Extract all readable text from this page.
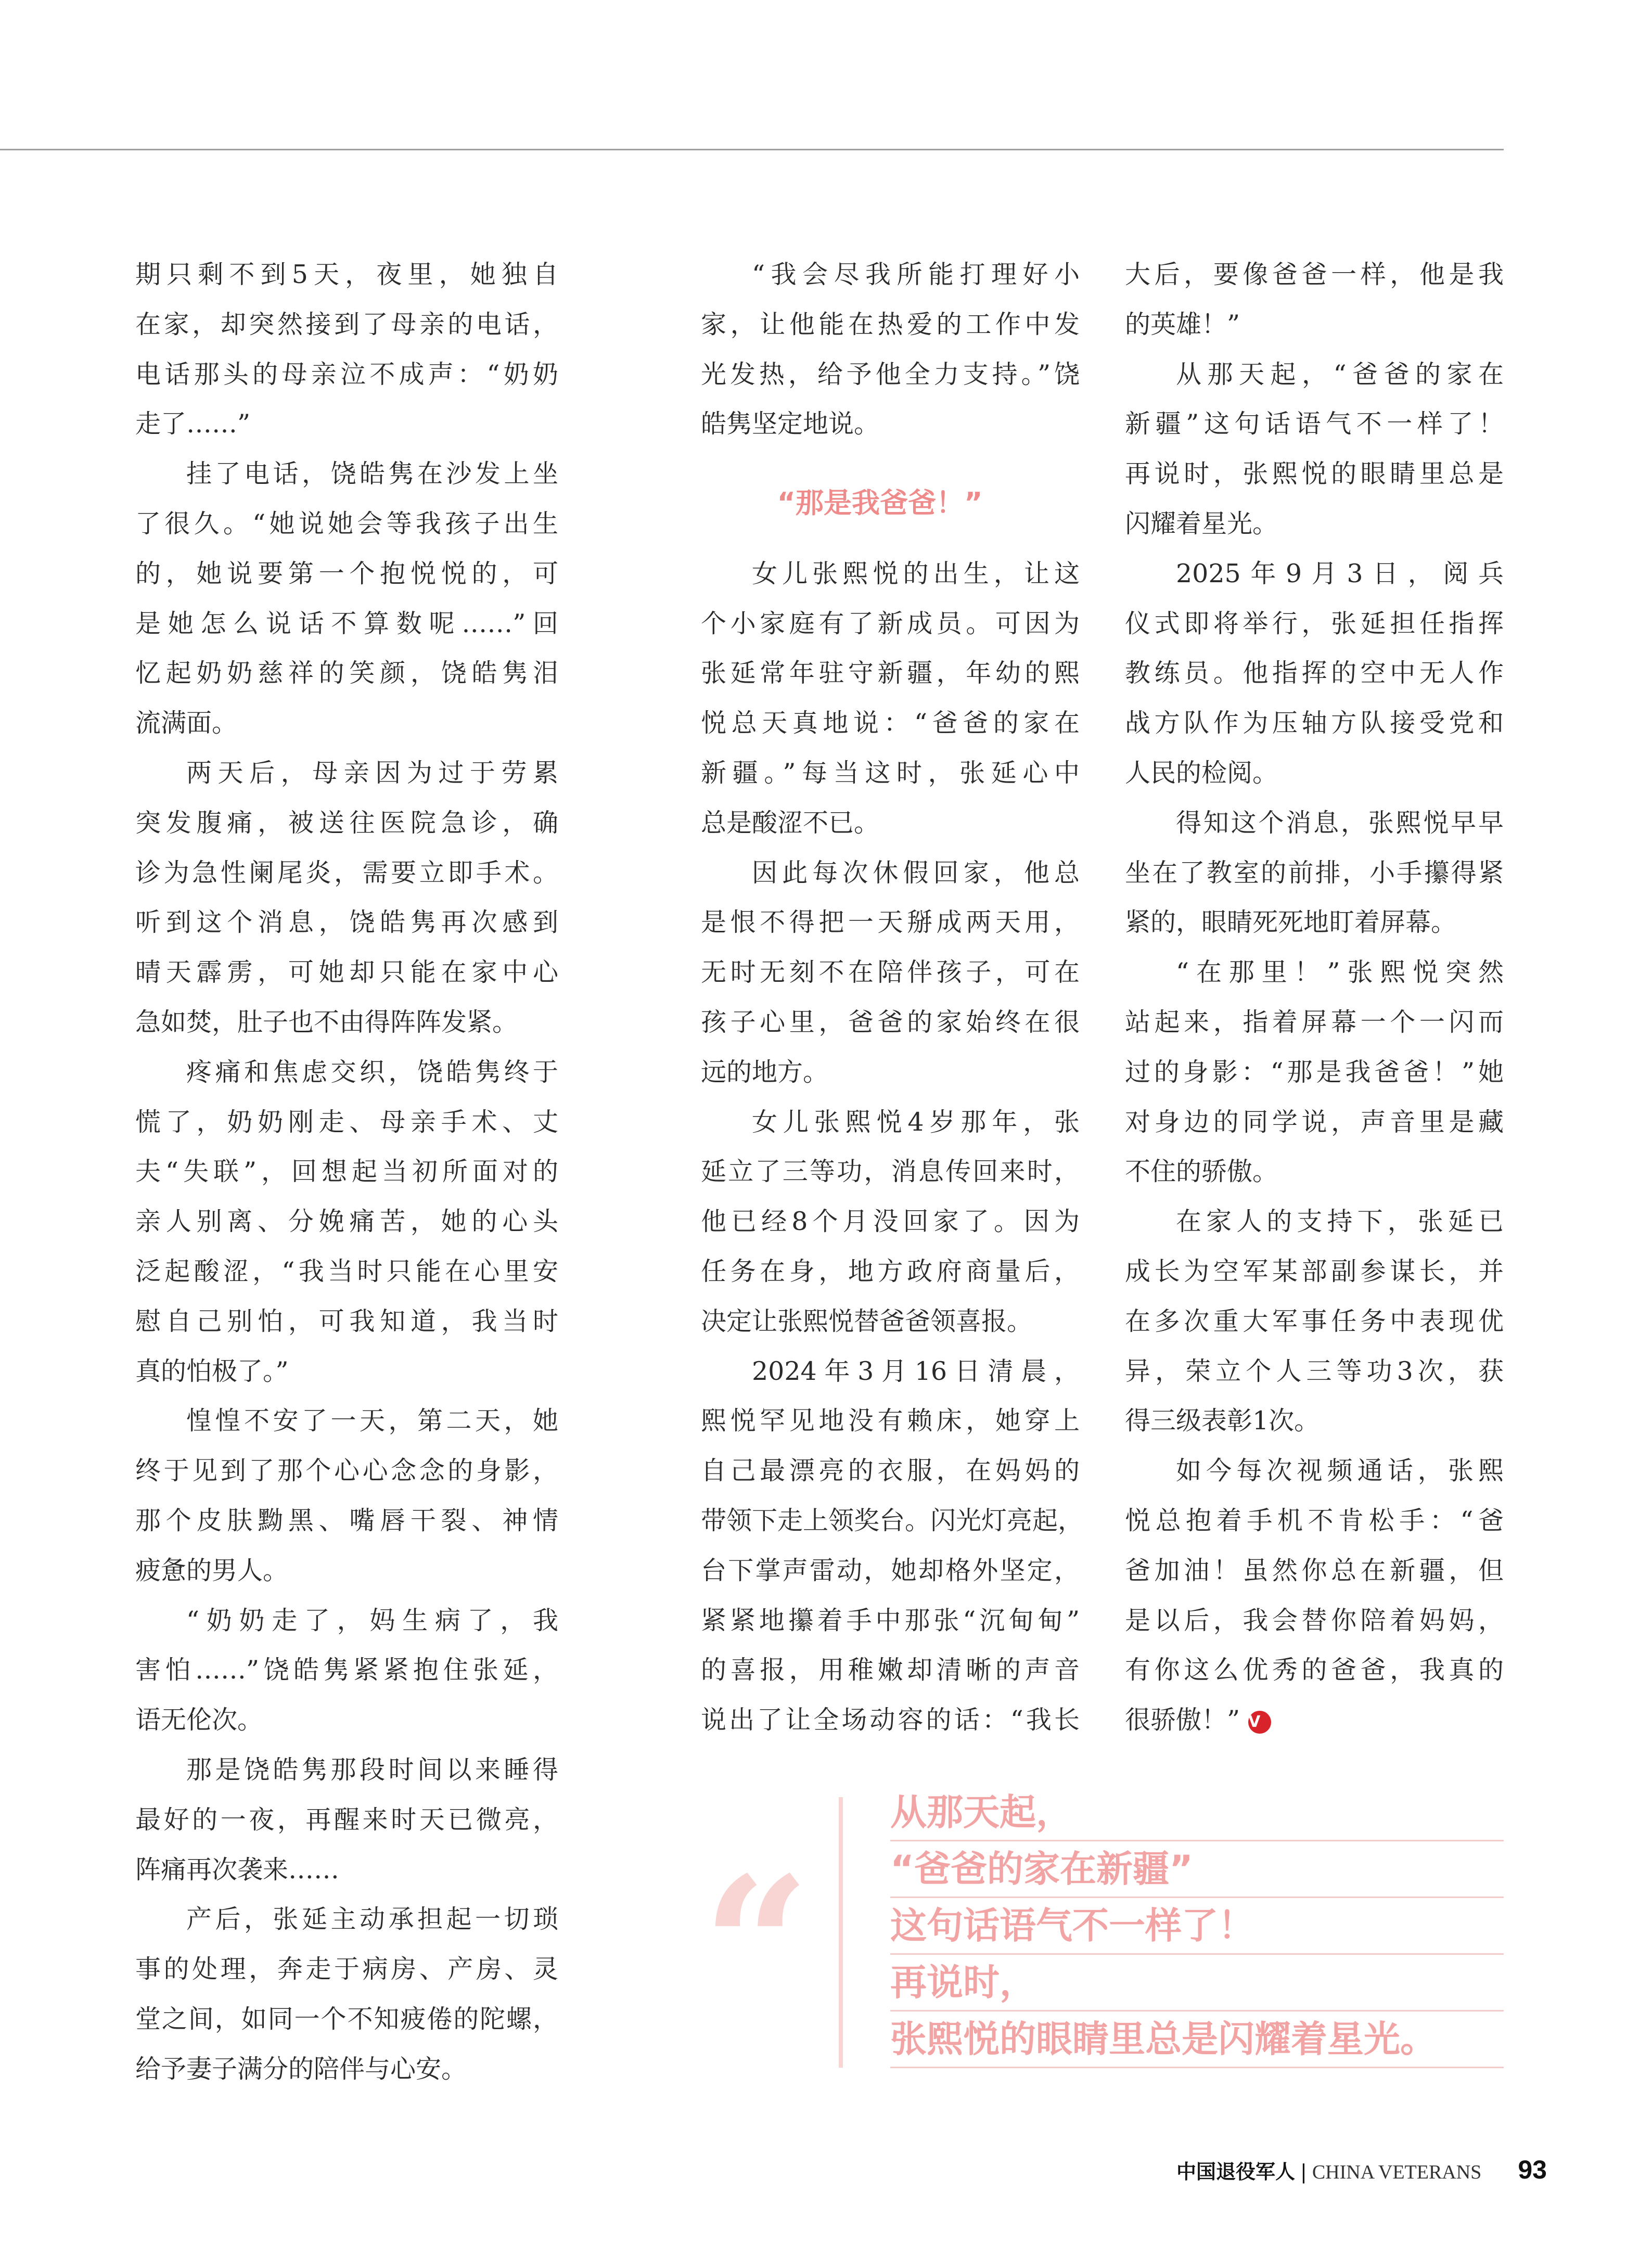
期只剩不到5天，夜里，她独自
在家，却突然接到了母亲的电话，
电话那头的母亲泣不成声：“奶奶
走了……”
挂了电话，饶皓隽在沙发上坐
了很久。“她说她会等我孩子出生
的，她说要第一个抱悦悦的，可
是她怎么说话不算数呢……”回
忆起奶奶慈祥的笑颜，饶皓隽泪
流满面。
两天后，母亲因为过于劳累
突发腹痛，被送往医院急诊，确
诊为急性阑尾炎，需要立即手术。
听到这个消息，饶皓隽再次感到
晴天霹雳，可她却只能在家中心
急如焚，肚子也不由得阵阵发紧。
疼痛和焦虑交织，饶皓隽终于
慌了，奶奶刚走、母亲手术、丈
夫“失联”，回想起当初所面对的
亲人别离、分娩痛苦，她的心头
泛起酸涩，“我当时只能在心里安
慰自己别怕，可我知道，我当时
真的怕极了。”
惶惶不安了一天，第二天，她
终于见到了那个心心念念的身影，
那个皮肤黝黑、嘴唇干裂、神情
疲惫的男人。
“奶奶走了，妈生病了，我
害怕……”饶皓隽紧紧抱住张延，
语无伦次。
那是饶皓隽那段时间以来睡得
最好的一夜，再醒来时天已微亮，
阵痛再次袭来……
产后，张延主动承担起一切琐
事的处理，奔走于病房、产房、灵
堂之间，如同一个不知疲倦的陀螺，
给予妻子满分的陪伴与心安。
“我会尽我所能打理好小
家，让他能在热爱的工作中发
光发热，给予他全力支持。”饶
皓隽坚定地说。
“那是我爸爸！”
女儿张熙悦的出生，让这
个小家庭有了新成员。可因为
张延常年驻守新疆，年幼的熙
悦总天真地说：“爸爸的家在
新疆。”每当这时，张延心中
总是酸涩不已。
因此每次休假回家，他总
是恨不得把一天掰成两天用，
无时无刻不在陪伴孩子，可在
孩子心里，爸爸的家始终在很
远的地方。
女儿张熙悦4岁那年，张
延立了三等功，消息传回来时，
他已经8个月没回家了。因为
任务在身，地方政府商量后，
决定让张熙悦替爸爸领喜报。
2024年3月16日清晨，
熙悦罕见地没有赖床，她穿上
自己最漂亮的衣服，在妈妈的
带领下走上领奖台。闪光灯亮起，
台下掌声雷动，她却格外坚定，
紧紧地攥着手中那张“沉甸甸”
的喜报，用稚嫩却清晰的声音
说出了让全场动容的话：“我长
大后，要像爸爸一样，他是我
的英雄！”
从那天起，“爸爸的家在
新疆”这句话语气不一样了！
再说时，张熙悦的眼睛里总是
闪耀着星光。
2025年9月3日，阅兵
仪式即将举行，张延担任指挥
教练员。他指挥的空中无人作
战方队作为压轴方队接受党和
人民的检阅。
得知这个消息，张熙悦早早
坐在了教室的前排，小手攥得紧
紧的，眼睛死死地盯着屏幕。
“在那里！”张熙悦突然
站起来，指着屏幕一个一闪而
过的身影：“那是我爸爸！”她
对身边的同学说，声音里是藏
不住的骄傲。
在家人的支持下，张延已
成长为空军某部副参谋长，并
在多次重大军事任务中表现优
异，荣立个人三等功3次，获
得三级表彰1次。
如今每次视频通话，张熙
悦总抱着手机不肯松手：“爸
爸加油！虽然你总在新疆，但
是以后，我会替你陪着妈妈，
有你这么优秀的爸爸，我真的
很骄傲！” V
“
从那天起，
“爸爸的家在新疆”
这句话语气不一样了！
再说时，
张熙悦的眼睛里总是闪耀着星光。
中国退役军人 | CHINA VETERANS 93
